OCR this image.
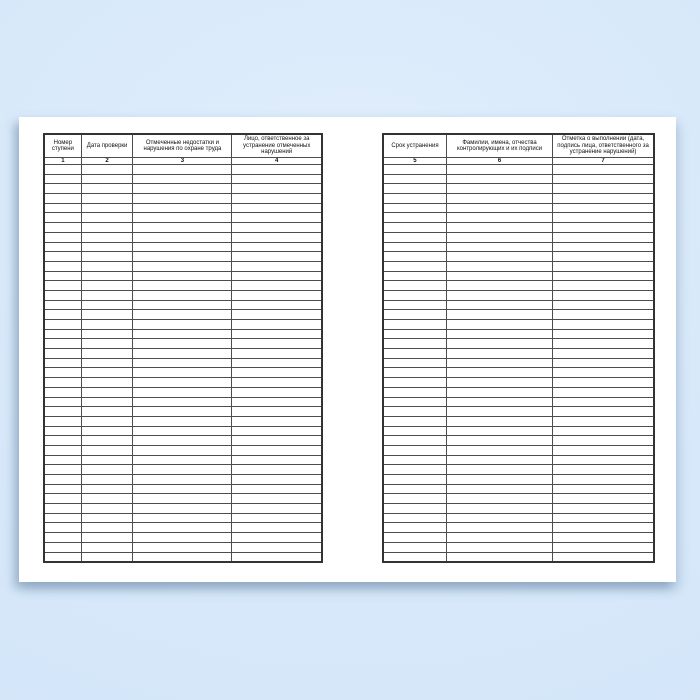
Номер ступени	Дата проверки	Отмеченные недостатки и нарушения по охране труда	Лицо, ответственное за устранение отмеченных нарушений
1	2	3	4

Срок устранения	Фамилии, имена, отчества контролирующих и их подписи	Отметка о выполнении (дата, подпись лица, ответственного за устранение нарушений)
5	6	7
